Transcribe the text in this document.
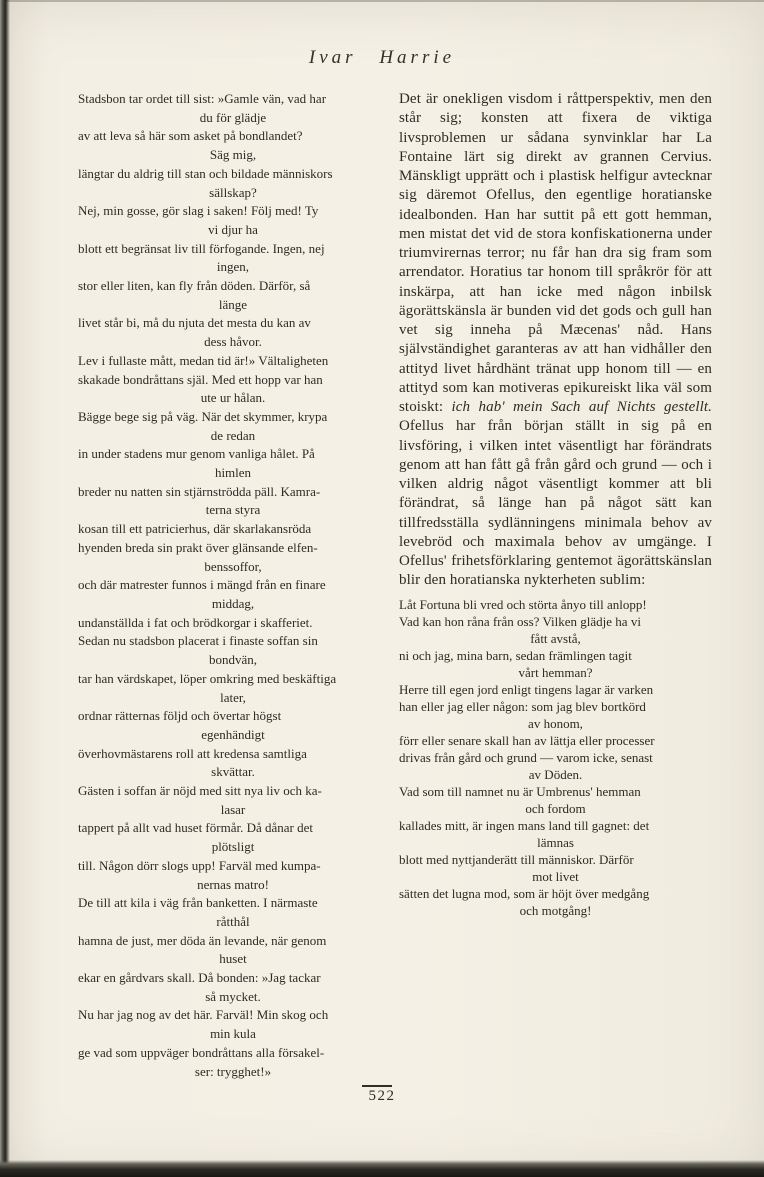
Ivar Harrie
Stadsbon tar ordet till sist: »Gamle vän, vad har
du för glädje
av att leva så här som asket på bondlandet?
Säg mig,
längtar du aldrig till stan och bildade människors
sällskap?
Nej, min gosse, gör slag i saken! Följ med! Ty
vi djur ha
blott ett begränsat liv till förfogande. Ingen, nej
ingen,
stor eller liten, kan fly från döden. Därför, så
länge
livet står bi, må du njuta det mesta du kan av
dess håvor.
Lev i fullaste mått, medan tid är!» Vältaligheten
skakade bondråttans själ. Med ett hopp var han
ute ur hålan.
Bägge bege sig på väg. När det skymmer, krypa
de redan
in under stadens mur genom vanliga hålet. På
himlen
breder nu natten sin stjärnströdda päll. Kamra-
terna styra
kosan till ett patricierhus, där skarlakansröda
hyenden breda sin prakt över glänsande elfen-
benssoffor,
och där matrester funnos i mängd från en finare
middag,
undanställda i fat och brödkorgar i skafferiet.
Sedan nu stadsbon placerat i finaste soffan sin
bondvän,
tar han värdskapet, löper omkring med beskäftiga
later,
ordnar rätternas följd och övertar högst
egenhändigt
överhovmästarens roll att kredensa samtliga
skvättar.
Gästen i soffan är nöjd med sitt nya liv och ka-
lasar
tappert på allt vad huset förmår. Då dånar det
plötsligt
till. Någon dörr slogs upp! Farväl med kumpa-
nernas matro!
De till att kila i väg från banketten. I närmaste
råtthål
hamna de just, mer döda än levande, när genom
huset
ekar en gårdvars skall. Då bonden: »Jag tackar
så mycket.
Nu har jag nog av det här. Farväl! Min skog och
min kula
ge vad som uppväger bondråttans alla försakel-
ser: trygghet!»

Det är onekligen visdom i råttperspektiv, men den står sig; konsten att fixera de viktiga livsproblemen ur sådana synvinklar har La Fontaine lärt sig direkt av grannen Cervius. Mänskligt upprätt och i plastisk helfigur avtecknar sig däremot Ofellus, den egentlige horatianske idealbonden. Han har suttit på ett gott hemman, men mistat det vid de stora konfiskationerna under triumvirernas terror; nu får han dra sig fram som arrendator. Horatius tar honom till språkrör för att inskärpa, att han icke med någon inbilsk ägorättskänsla är bunden vid det gods och gull han vet sig inneha på Mæcenas' nåd. Hans självständighet garanteras av att han vidhåller den attityd livet hårdhänt tränat upp honom till — en attityd som kan motiveras epikureiskt lika väl som stoiskt: ich hab' mein Sach auf Nichts gestellt. Ofellus har från början ställt in sig på en livsföring, i vilken intet väsentligt har förändrats genom att han fått gå från gård och grund — och i vilken aldrig något väsentligt kommer att bli förändrat, så länge han på något sätt kan tillfredsställa sydlänningens minimala behov av levebröd och maximala behov av umgänge. I Ofellus' frihetsförklaring gentemot ägorättskänslan blir den horatianska nykterheten sublim:

Låt Fortuna bli vred och störta ånyo till anlopp!
Vad kan hon råna från oss? Vilken glädje ha vi
fått avstå,
ni och jag, mina barn, sedan främlingen tagit
vårt hemman?
Herre till egen jord enligt tingens lagar är varken
han eller jag eller någon: som jag blev bortkörd
av honom,
förr eller senare skall han av lättja eller processer
drivas från gård och grund — varom icke, senast
av Döden.
Vad som till namnet nu är Umbrenus' hemman
och fordom
kallades mitt, är ingen mans land till gagnet: det
lämnas
blott med nyttjanderätt till människor. Därför
mot livet
sätten det lugna mod, som är höjt över medgång
och motgång!
522
